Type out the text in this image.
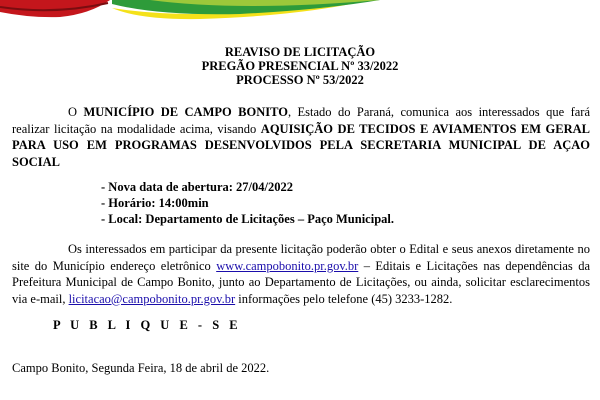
REAVISO DE LICITAÇÃO
PREGÃO PRESENCIAL Nº 33/2022
PROCESSO Nº 53/2022
O MUNICÍPIO DE CAMPO BONITO, Estado do Paraná, comunica aos interessados que fará realizar licitação na modalidade acima, visando AQUISIÇÃO DE TECIDOS E AVIAMENTOS EM GERAL PARA USO EM PROGRAMAS DESENVOLVIDOS PELA SECRETARIA MUNICIPAL DE AÇAO SOCIAL
- Nova data de abertura: 27/04/2022
- Horário: 14:00min
- Local: Departamento de Licitações – Paço Municipal.
Os interessados em participar da presente licitação poderão obter o Edital e seus anexos diretamente no site do Município endereço eletrônico www.campobonito.pr.gov.br – Editais e Licitações nas dependências da Prefeitura Municipal de Campo Bonito, junto ao Departamento de Licitações, ou ainda, solicitar esclarecimentos via e-mail, licitacao@campobonito.pr.gov.br informações pelo telefone (45) 3233-1282.
P U B L I Q U E - S E
Campo Bonito, Segunda Feira, 18 de abril de 2022.
